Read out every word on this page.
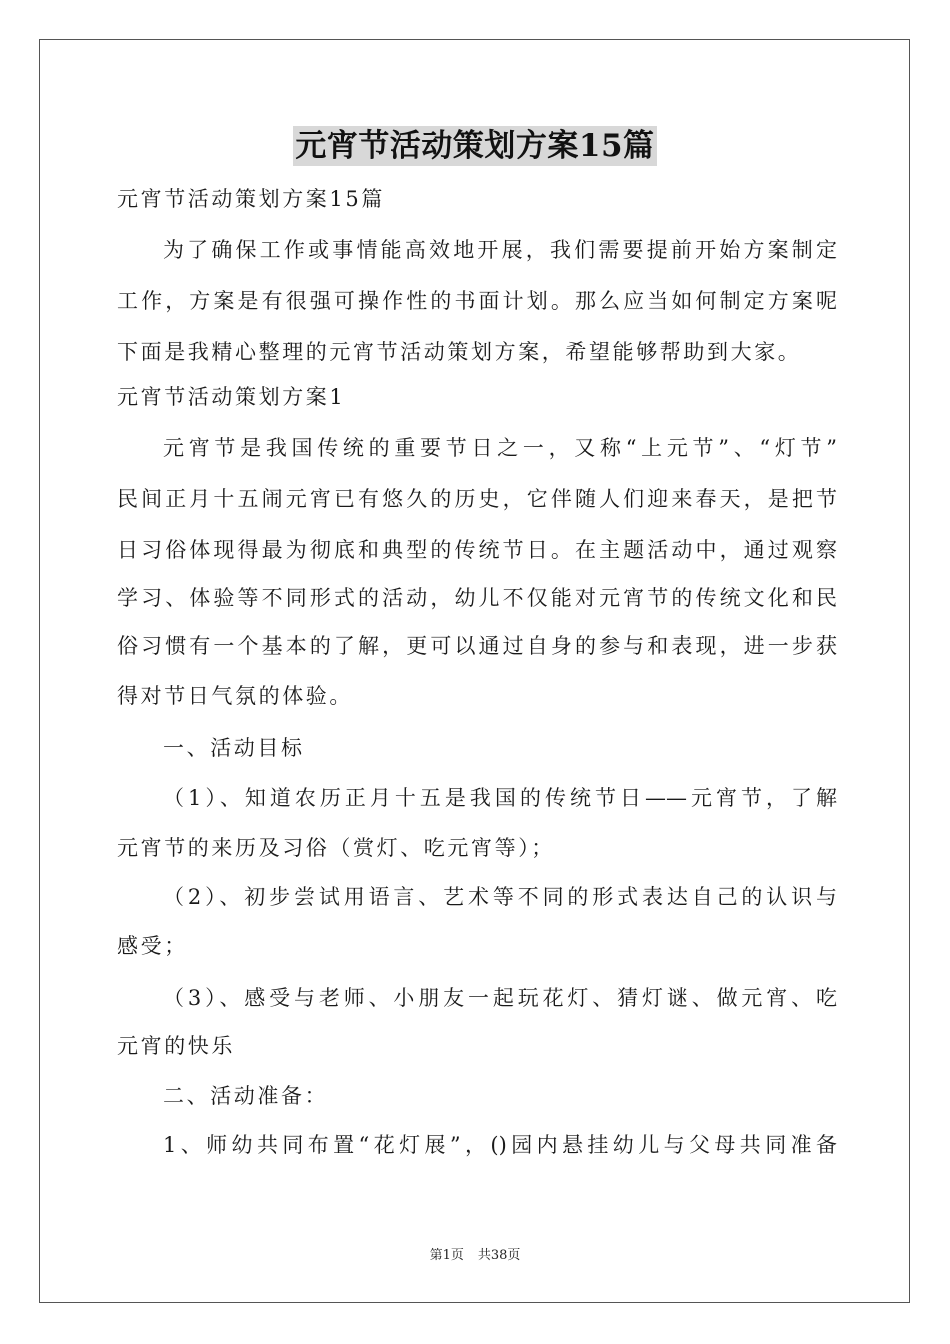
元宵节活动策划方案15篇
元宵节活动策划方案15篇
为了确保工作或事情能高效地开展，我们需要提前开始方案制定
工作，方案是有很强可操作性的书面计划。那么应当如何制定方案呢
下面是我精心整理的元宵节活动策划方案，希望能够帮助到大家。
元宵节活动策划方案1
元宵节是我国传统的重要节日之一，又称“上元节”、“灯节”
民间正月十五闹元宵已有悠久的历史，它伴随人们迎来春天，是把节
日习俗体现得最为彻底和典型的传统节日。在主题活动中，通过观察
学习、体验等不同形式的活动，幼儿不仅能对元宵节的传统文化和民
俗习惯有一个基本的了解，更可以通过自身的参与和表现，进一步获
得对节日气氛的体验。
一、活动目标
（1）、知道农历正月十五是我国的传统节日——元宵节，了解
元宵节的来历及习俗（赏灯、吃元宵等）；
（2）、初步尝试用语言、艺术等不同的形式表达自己的认识与
感受；
（3）、感受与老师、小朋友一起玩花灯、猜灯谜、做元宵、吃
元宵的快乐
二、活动准备：
1、师幼共同布置“花灯展”，()园内悬挂幼儿与父母共同准备
第1页 共38页
